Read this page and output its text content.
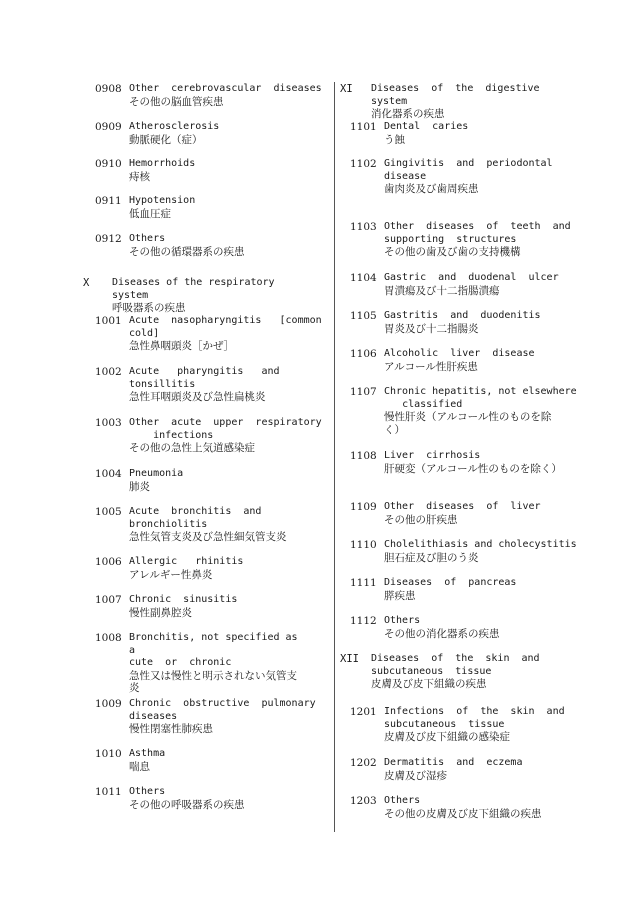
0908 Other  cerebrovascular  diseases
その他の脳血管疾患
0909 Atherosclerosis
動脈硬化（症）
0910 Hemorrhoids
痔核
0911 Hypotension
低血圧症
0912 Others
その他の循環器系の疾患
X	Diseases of the respiratory system
呼吸器系の疾患
1001 Acute  nasopharyngitis   [common
cold]
急性鼻咽頭炎［かぜ］
1002 Acute   pharyngitis   and
tonsillitis
急性耳咽頭炎及び急性扁桃炎
1003 Other  acute  upper  respiratory
infections
その他の急性上気道感染症
1004 Pneumonia
肺炎
1005 Acute  bronchitis  and
bronchiolitis
急性気管支炎及び急性細気管支炎
1006 Allergic   rhinitis
アレルギー性鼻炎
1007 Chronic  sinusitis
慢性副鼻腔炎
1008 Bronchitis, not specified as     a
cute  or  chronic
急性又は慢性と明示されない気管支
炎
1009 Chronic  obstructive  pulmonary
diseases
慢性閉塞性肺疾患
1010 Asthma
喘息
1011 Others
その他の呼吸器系の疾患
XI	Diseases  of  the  digestive system
消化器系の疾患
1101 Dental  caries
う蝕
1102 Gingivitis  and  periodontal
disease
歯肉炎及び歯周疾患
1103 Other  diseases  of  teeth  and
supporting  structures
その他の歯及び歯の支持機構
1104 Gastric  and  duodenal  ulcer
胃潰瘍及び十二指腸潰瘍
1105 Gastritis  and  duodenitis
胃炎及び十二指腸炎
1106 Alcoholic  liver  disease
アルコール性肝疾患
1107 Chronic hepatitis, not elsewhere
classified
慢性肝炎（アルコール性のものを除
く）
1108 Liver  cirrhosis
肝硬変（アルコール性のものを除く）
1109 Other  diseases  of  liver
その他の肝疾患
1110 Cholelithiasis and cholecystitis
胆石症及び胆のう炎
1111 Diseases  of  pancreas
膵疾患
1112 Others
その他の消化器系の疾患
XII	Diseases  of  the  skin  and
subcutaneous  tissue
皮膚及び皮下組織の疾患
1201 Infections  of  the  skin  and
subcutaneous  tissue
皮膚及び皮下組織の感染症
1202 Dermatitis  and  eczema
皮膚及び湿疹
1203 Others
その他の皮膚及び皮下組織の疾患
